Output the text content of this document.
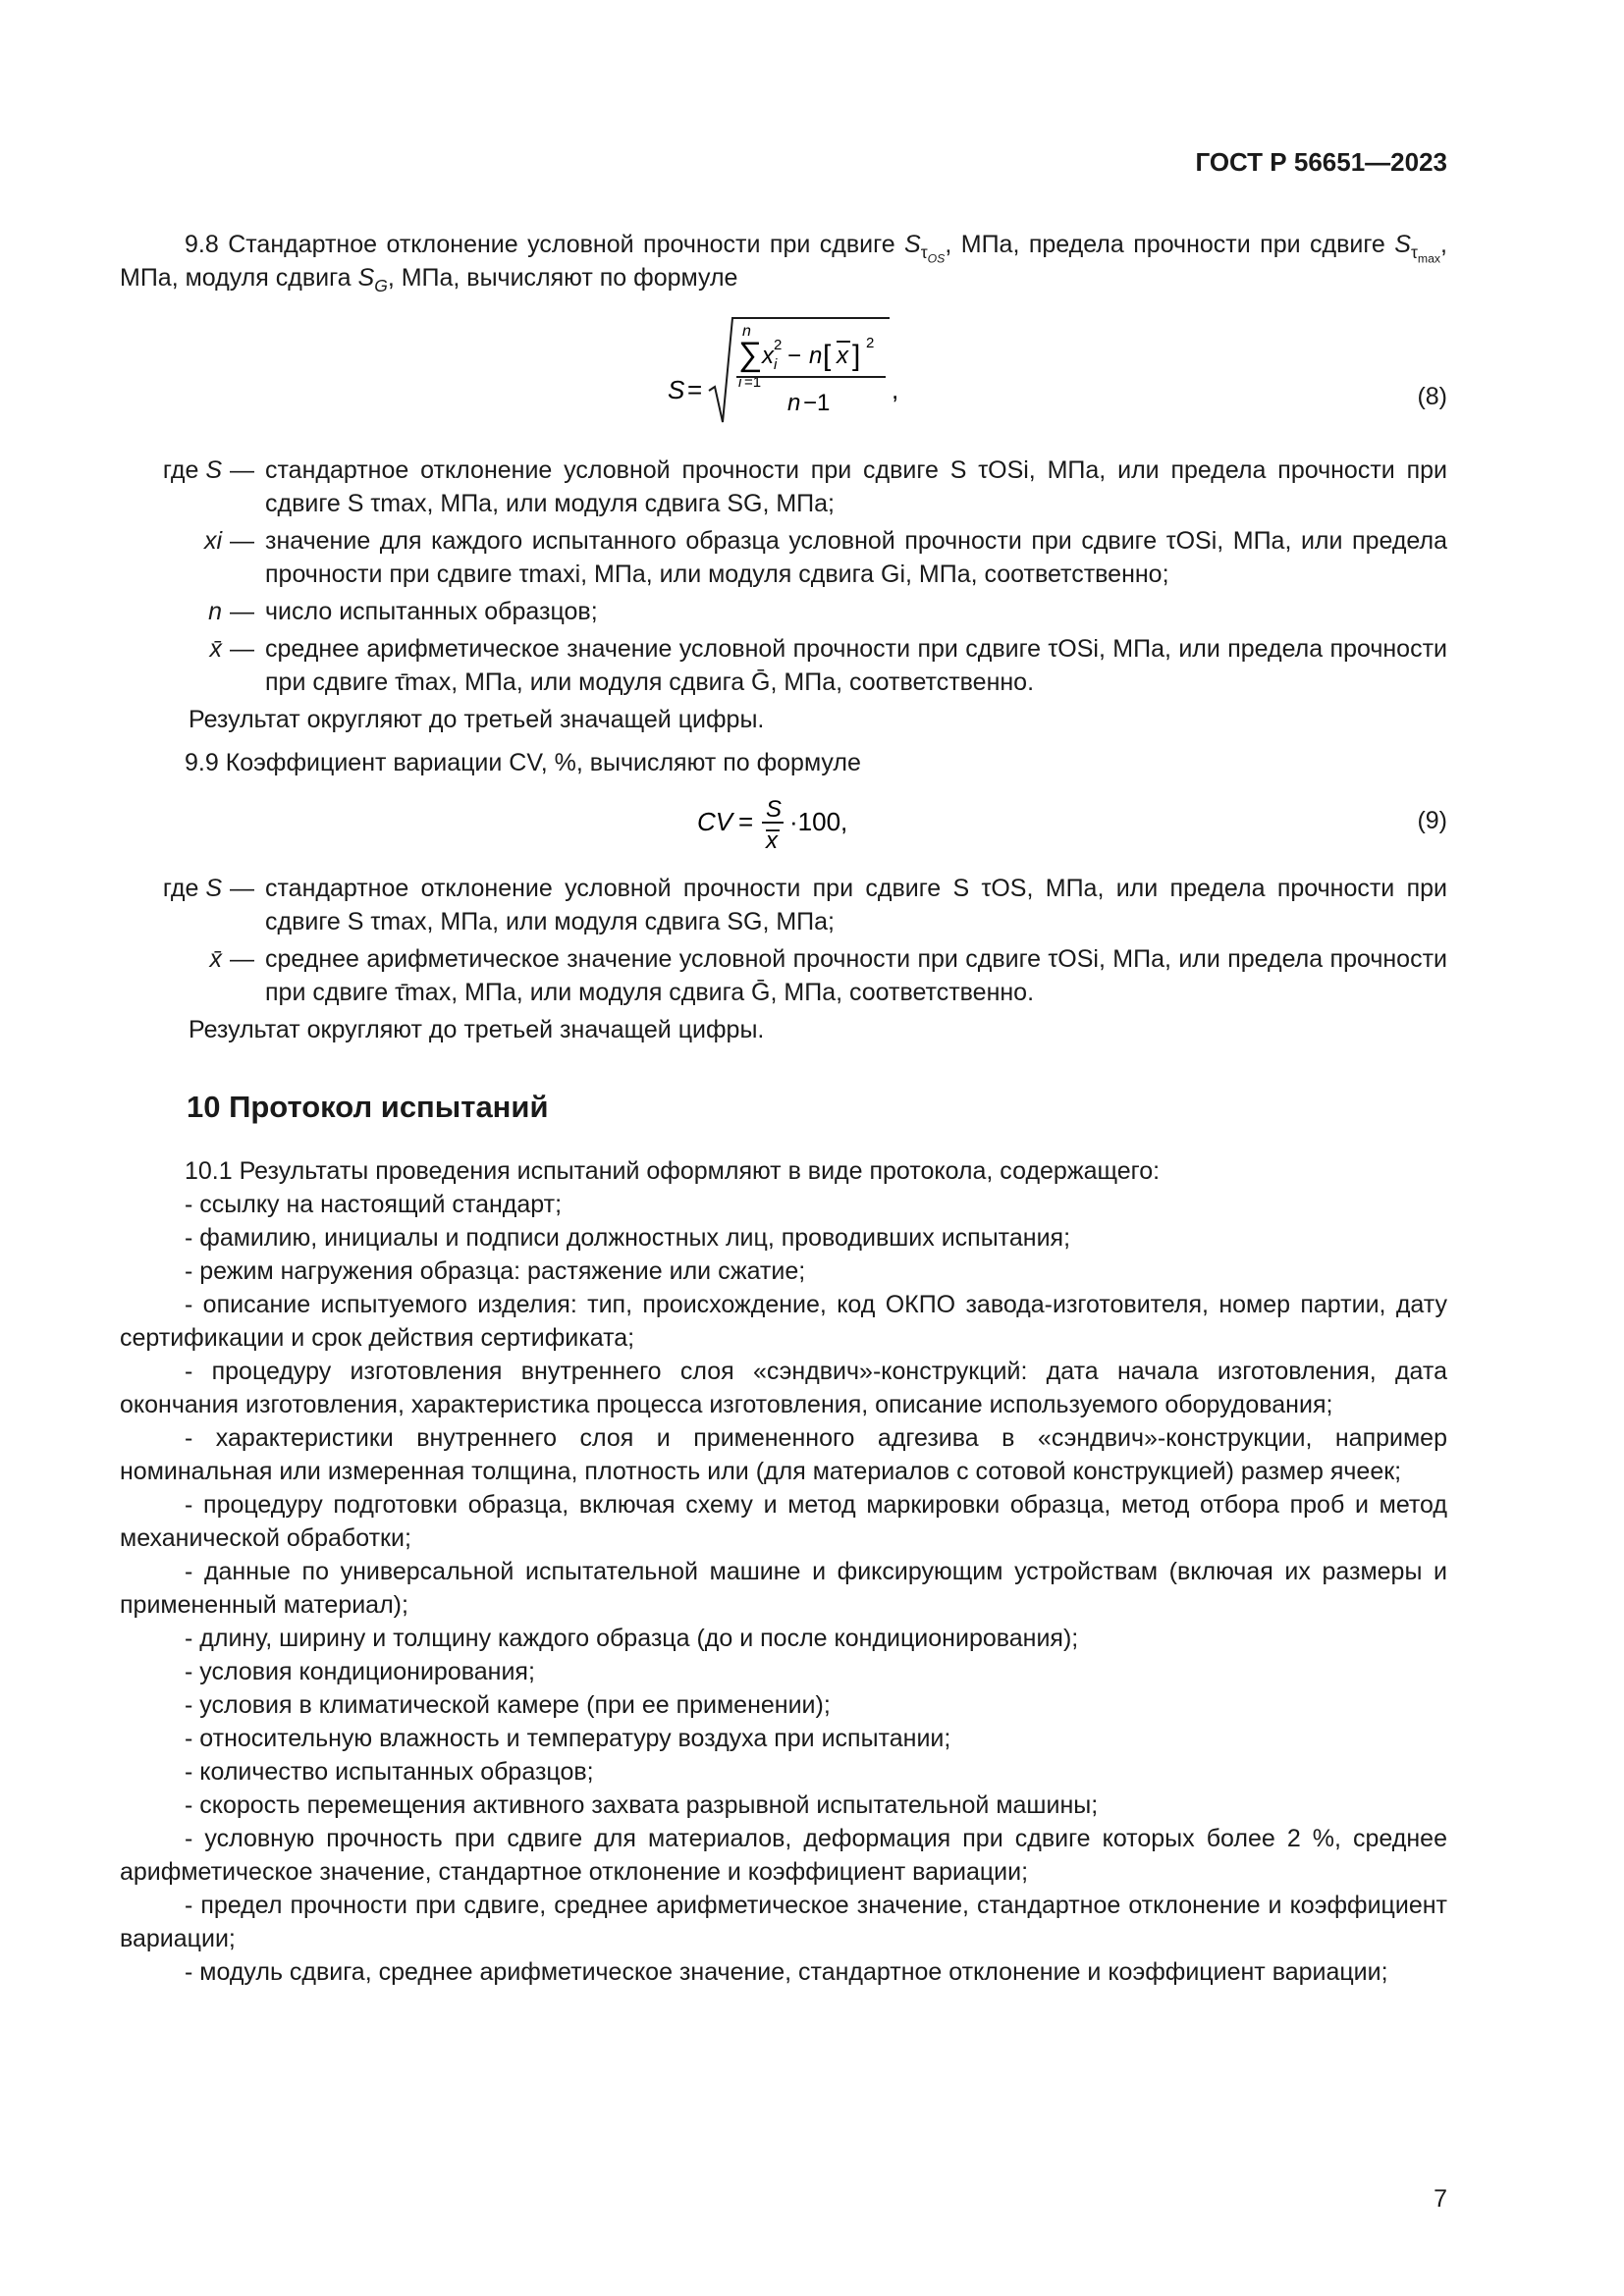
ГОСТ Р 56651—2023

9.8 Стандартное отклонение условной прочности при сдвиге $S_{\tau_{OS}}$, МПа, предела прочности при сдвиге $S_{\tau_{max}}$, МПа, модуля сдвига $S_G$, МПа, вычисляют по формуле

S =
n
∑
i =1
x i
2 − n [ x ] 2
n −1 ,	(8)
где S — стандартное отклонение условной прочности при сдвиге S τOSi, МПа, или предела прочности при сдвиге S τmax, МПа, или модуля сдвига SG, МПа;
xi — значение для каждого испытанного образца условной прочности при сдвиге τOSi, МПа, или предела прочности при сдвиге τmaxi, МПа, или модуля сдвига Gi, МПа, соответственно;
n — число испытанных образцов;
x̄ — среднее арифметическое значение условной прочности при сдвиге τOSi, МПа, или предела прочности при сдвиге τ̄max, МПа, или модуля сдвига Ḡ, МПа, соответственно.
Результат округляют до третьей значащей цифры.

9.9 Коэффициент вариации CV, %, вычисляют по формуле

CV = S
x
·100,	(9)
где S — стандартное отклонение условной прочности при сдвиге S τOS, МПа, или предела прочности при сдвиге S τmax, МПа, или модуля сдвига SG, МПа;
x̄ — среднее арифметическое значение условной прочности при сдвиге τOSi, МПа, или предела прочности при сдвиге τ̄max, МПа, или модуля сдвига Ḡ, МПа, соответственно.
Результат округляют до третьей значащей цифры.
10 Протокол испытаний

10.1 Результаты проведения испытаний оформляют в виде протокола, содержащего:

- ссылку на настоящий стандарт;

- фамилию, инициалы и подписи должностных лиц, проводивших испытания;

- режим нагружения образца: растяжение или сжатие;

- описание испытуемого изделия: тип, происхождение, код ОКПО завода-изготовителя, номер партии, дату сертификации и срок действия сертификата;

- процедуру изготовления внутреннего слоя «сэндвич»-конструкций: дата начала изготовления, дата окончания изготовления, характеристика процесса изготовления, описание используемого оборудования;

- характеристики внутреннего слоя и примененного адгезива в «сэндвич»-конструкции, например номинальная или измеренная толщина, плотность или (для материалов с сотовой конструкцией) размер ячеек;

- процедуру подготовки образца, включая схему и метод маркировки образца, метод отбора проб и метод механической обработки;

- данные по универсальной испытательной машине и фиксирующим устройствам (включая их размеры и примененный материал);

- длину, ширину и толщину каждого образца (до и после кондиционирования);

- условия кондиционирования;

- условия в климатической камере (при ее применении);

- относительную влажность и температуру воздуха при испытании;

- количество испытанных образцов;

- скорость перемещения активного захвата разрывной испытательной машины;

- условную прочность при сдвиге для материалов, деформация при сдвиге которых более 2 %, среднее арифметическое значение, стандартное отклонение и коэффициент вариации;

- предел прочности при сдвиге, среднее арифметическое значение, стандартное отклонение и коэффициент вариации;

- модуль сдвига, среднее арифметическое значение, стандартное отклонение и коэффициент вариации;

7
